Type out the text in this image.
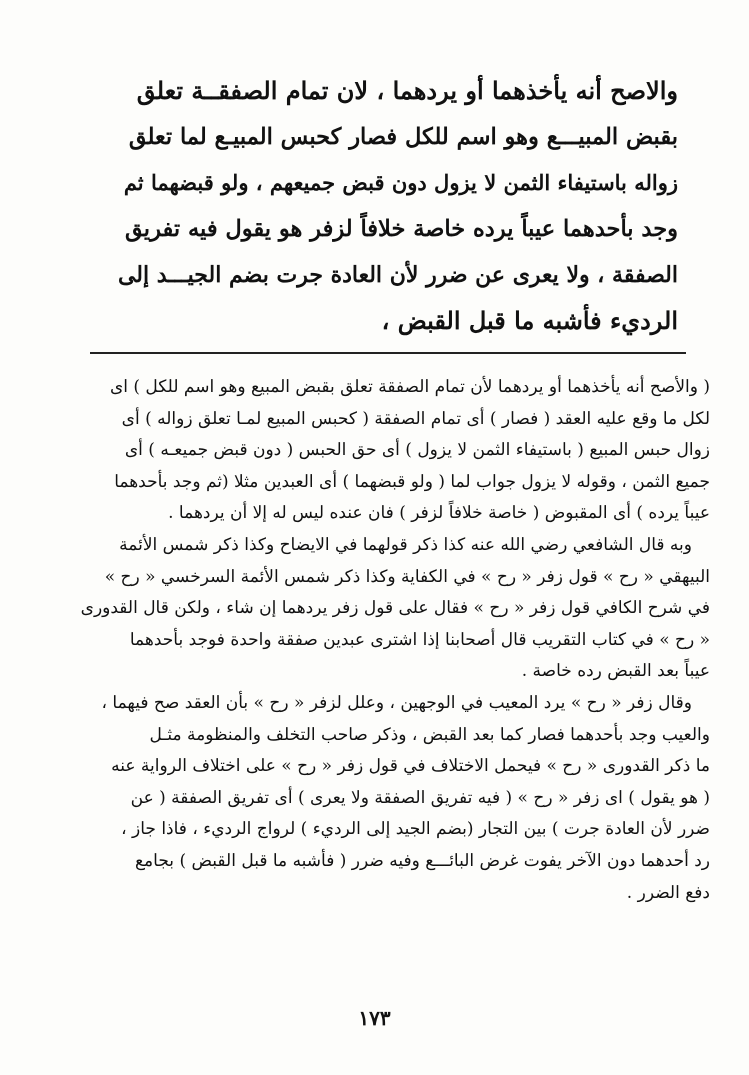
والاصح أنه يأخذهما أو يردهما ، لان تمام الصفقــة تعلق
بقبض المبيـــع وهو اسم للكل فصار كحبس المبيـع لما تعلق
زواله باستيفاء الثمن لا يزول دون قبض جميعهم ، ولو قبضهما ثم
وجد بأحدهما عيباً يرده خاصة خلافاً لزفر هو يقول فيه تفريق
الصفقة ، ولا يعرى عن ضرر لأن العادة جرت بضم الجيـــد إلى
الرديء فأشبه ما قبل القبض ،
( والأصح أنه يأخذهما أو يردهما لأن تمام الصفقة تعلق بقبض المبيع وهو اسم للكل ) اى
لكل ما وقع عليه العقد ( فصار ) أى تمام الصفقة ( كحبس المبيع لمـا تعلق زواله ) أى
زوال حبس المبيع ( باستيفاء الثمن لا يزول ) أى حق الحبس ( دون قبض جميعـه ) أى
جميع الثمن ، وقوله لا يزول جواب لما ( ولو قبضهما ) أى العبدين مثلا (ثم وجد بأحدهما
عيباً يرده ) أى المقبوض ( خاصة خلافاً لزفر ) فان عنده ليس له إلا أن يردهما .
وبه قال الشافعي رضي الله عنه كذا ذكر قولهما في الايضاح وكذا ذكر شمس الأئمة
البيهقي « رح » قول زفر « رح » في الكفاية وكذا ذكر شمس الأئمة السرخسي « رح »
في شرح الكافي قول زفر « رح » فقال على قول زفر يردهما إن شاء ، ولكن قال القدورى
« رح » في كتاب التقريب قال أصحابنا إذا اشترى عبدين صفقة واحدة فوجد بأحدهما
عيباً بعد القبض رده خاصة .
وقال زفر « رح » يرد المعيب في الوجهين ، وعلل لزفر « رح » بأن العقد صح فيهما ،
والعيب وجد بأحدهما فصار كما بعد القبض ، وذكر صاحب التخلف والمنظومة مثـل
ما ذكر القدورى « رح » فيحمل الاختلاف في قول زفر « رح » على اختلاف الرواية عنه
( هو يقول ) اى زفر « رح » ( فيه تفريق الصفقة ولا يعرى ) أى تفريق الصفقة ( عن
ضرر لأن العادة جرت ) بين التجار (بضم الجيد إلى الرديء ) لرواج الرديء ، فاذا جاز ،
رد أحدهما دون الآخر يفوت غرض البائـــع وفيه ضرر ( فأشبه ما قبل القبض ) بجامع
دفع الضرر .
١٧٣
